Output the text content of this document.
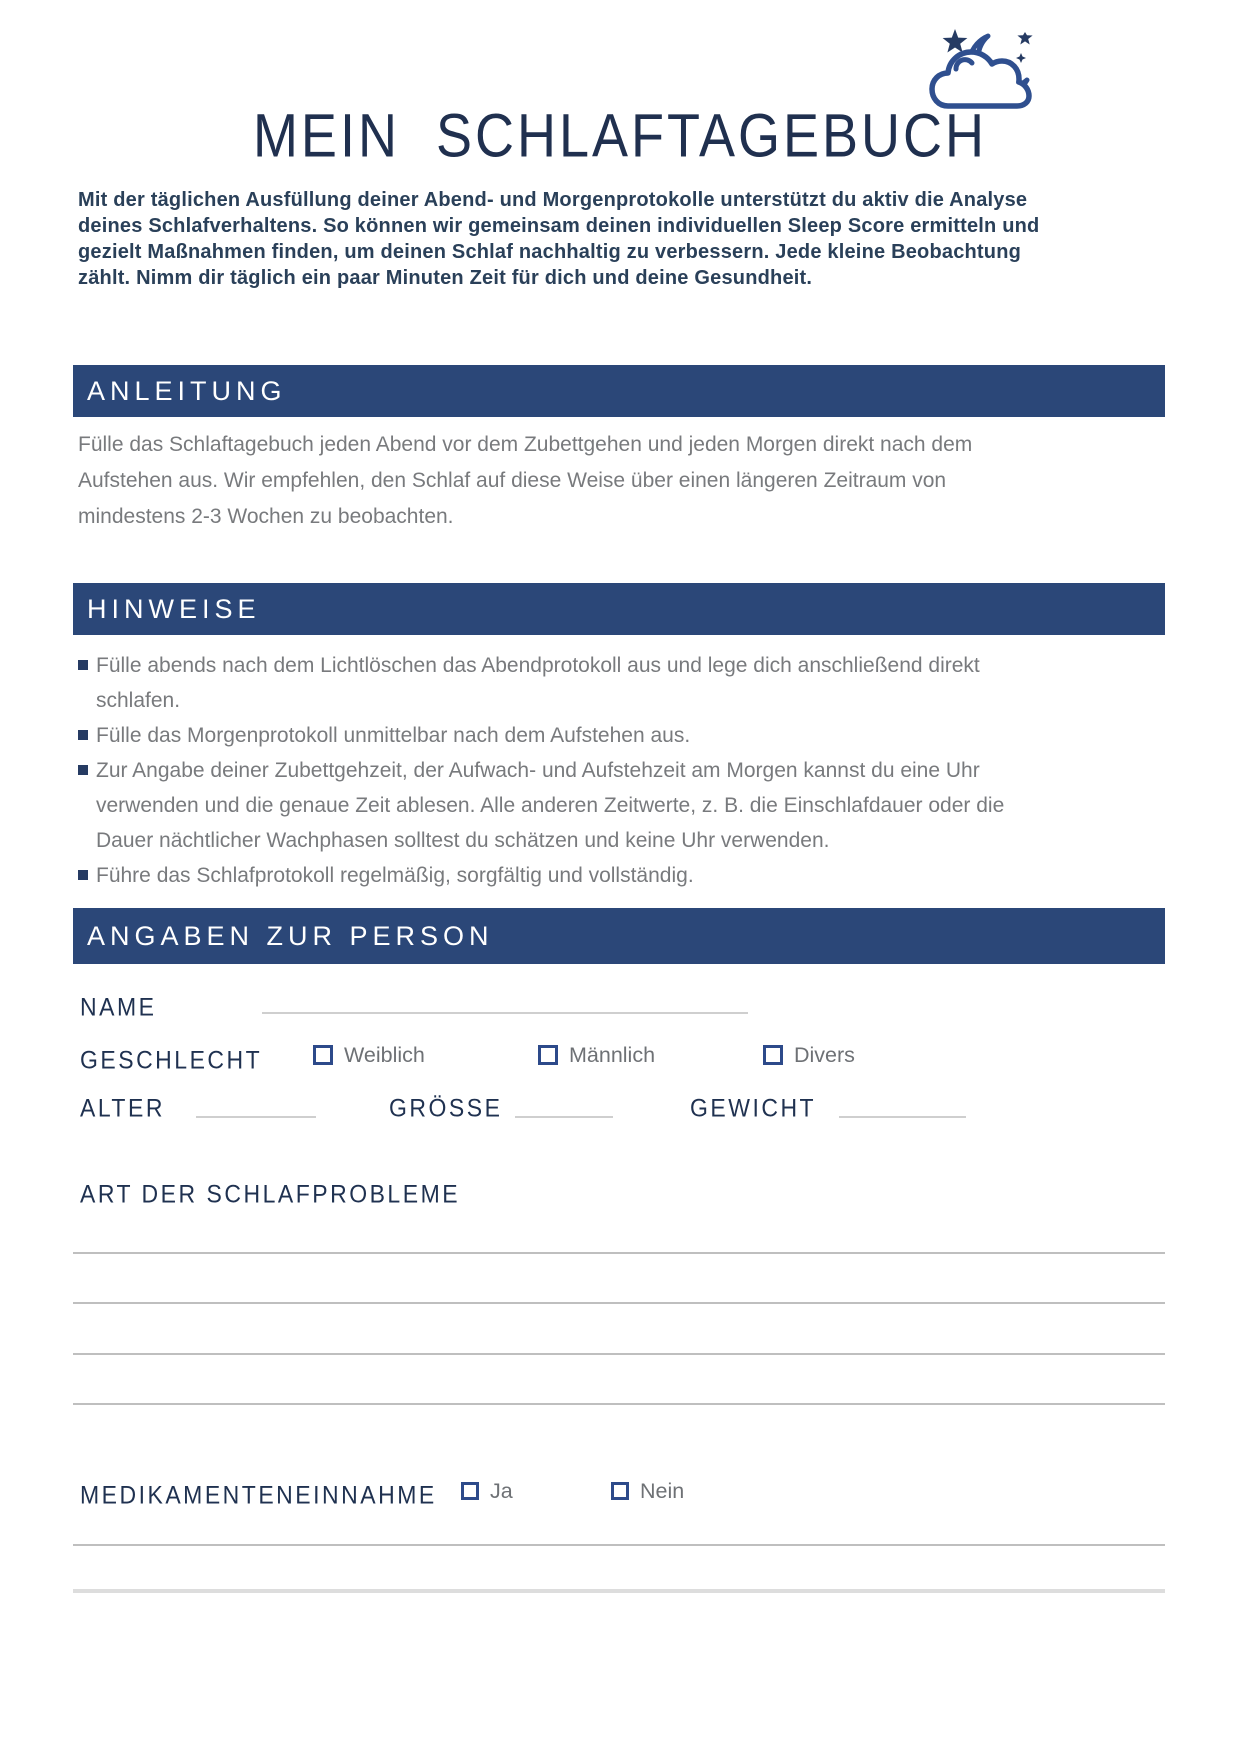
MEIN SCHLAFTAGEBUCH
Mit der täglichen Ausfüllung deiner Abend- und Morgenprotokolle unterstützt du aktiv die Analyse deines Schlafverhaltens. So können wir gemeinsam deinen individuellen Sleep Score ermitteln und gezielt Maßnahmen finden, um deinen Schlaf nachhaltig zu verbessern. Jede kleine Beobachtung zählt. Nimm dir täglich ein paar Minuten Zeit für dich und deine Gesundheit.
ANLEITUNG
Fülle das Schlaftagebuch jeden Abend vor dem Zubettgehen und jeden Morgen direkt nach dem Aufstehen aus. Wir empfehlen, den Schlaf auf diese Weise über einen längeren Zeitraum von mindestens 2-3 Wochen zu beobachten.
HINWEISE
Fülle abends nach dem Lichtlöschen das Abendprotokoll aus und lege dich anschließend direkt schlafen.
Fülle das Morgenprotokoll unmittelbar nach dem Aufstehen aus.
Zur Angabe deiner Zubettgehzeit, der Aufwach- und Aufstehzeit am Morgen kannst du eine Uhr verwenden und die genaue Zeit ablesen. Alle anderen Zeitwerte, z. B. die Einschlafdauer oder die Dauer nächtlicher Wachphasen solltest du schätzen und keine Uhr verwenden.
Führe das Schlafprotokoll regelmäßig, sorgfältig und vollständig.
ANGABEN ZUR PERSON
NAME
GESCHLECHT	Weiblich	Männlich	Divers
ALTER	GRÖSSE	GEWICHT
ART DER SCHLAFPROBLEME
MEDIKAMENTENEINNAHME Ja	Nein
